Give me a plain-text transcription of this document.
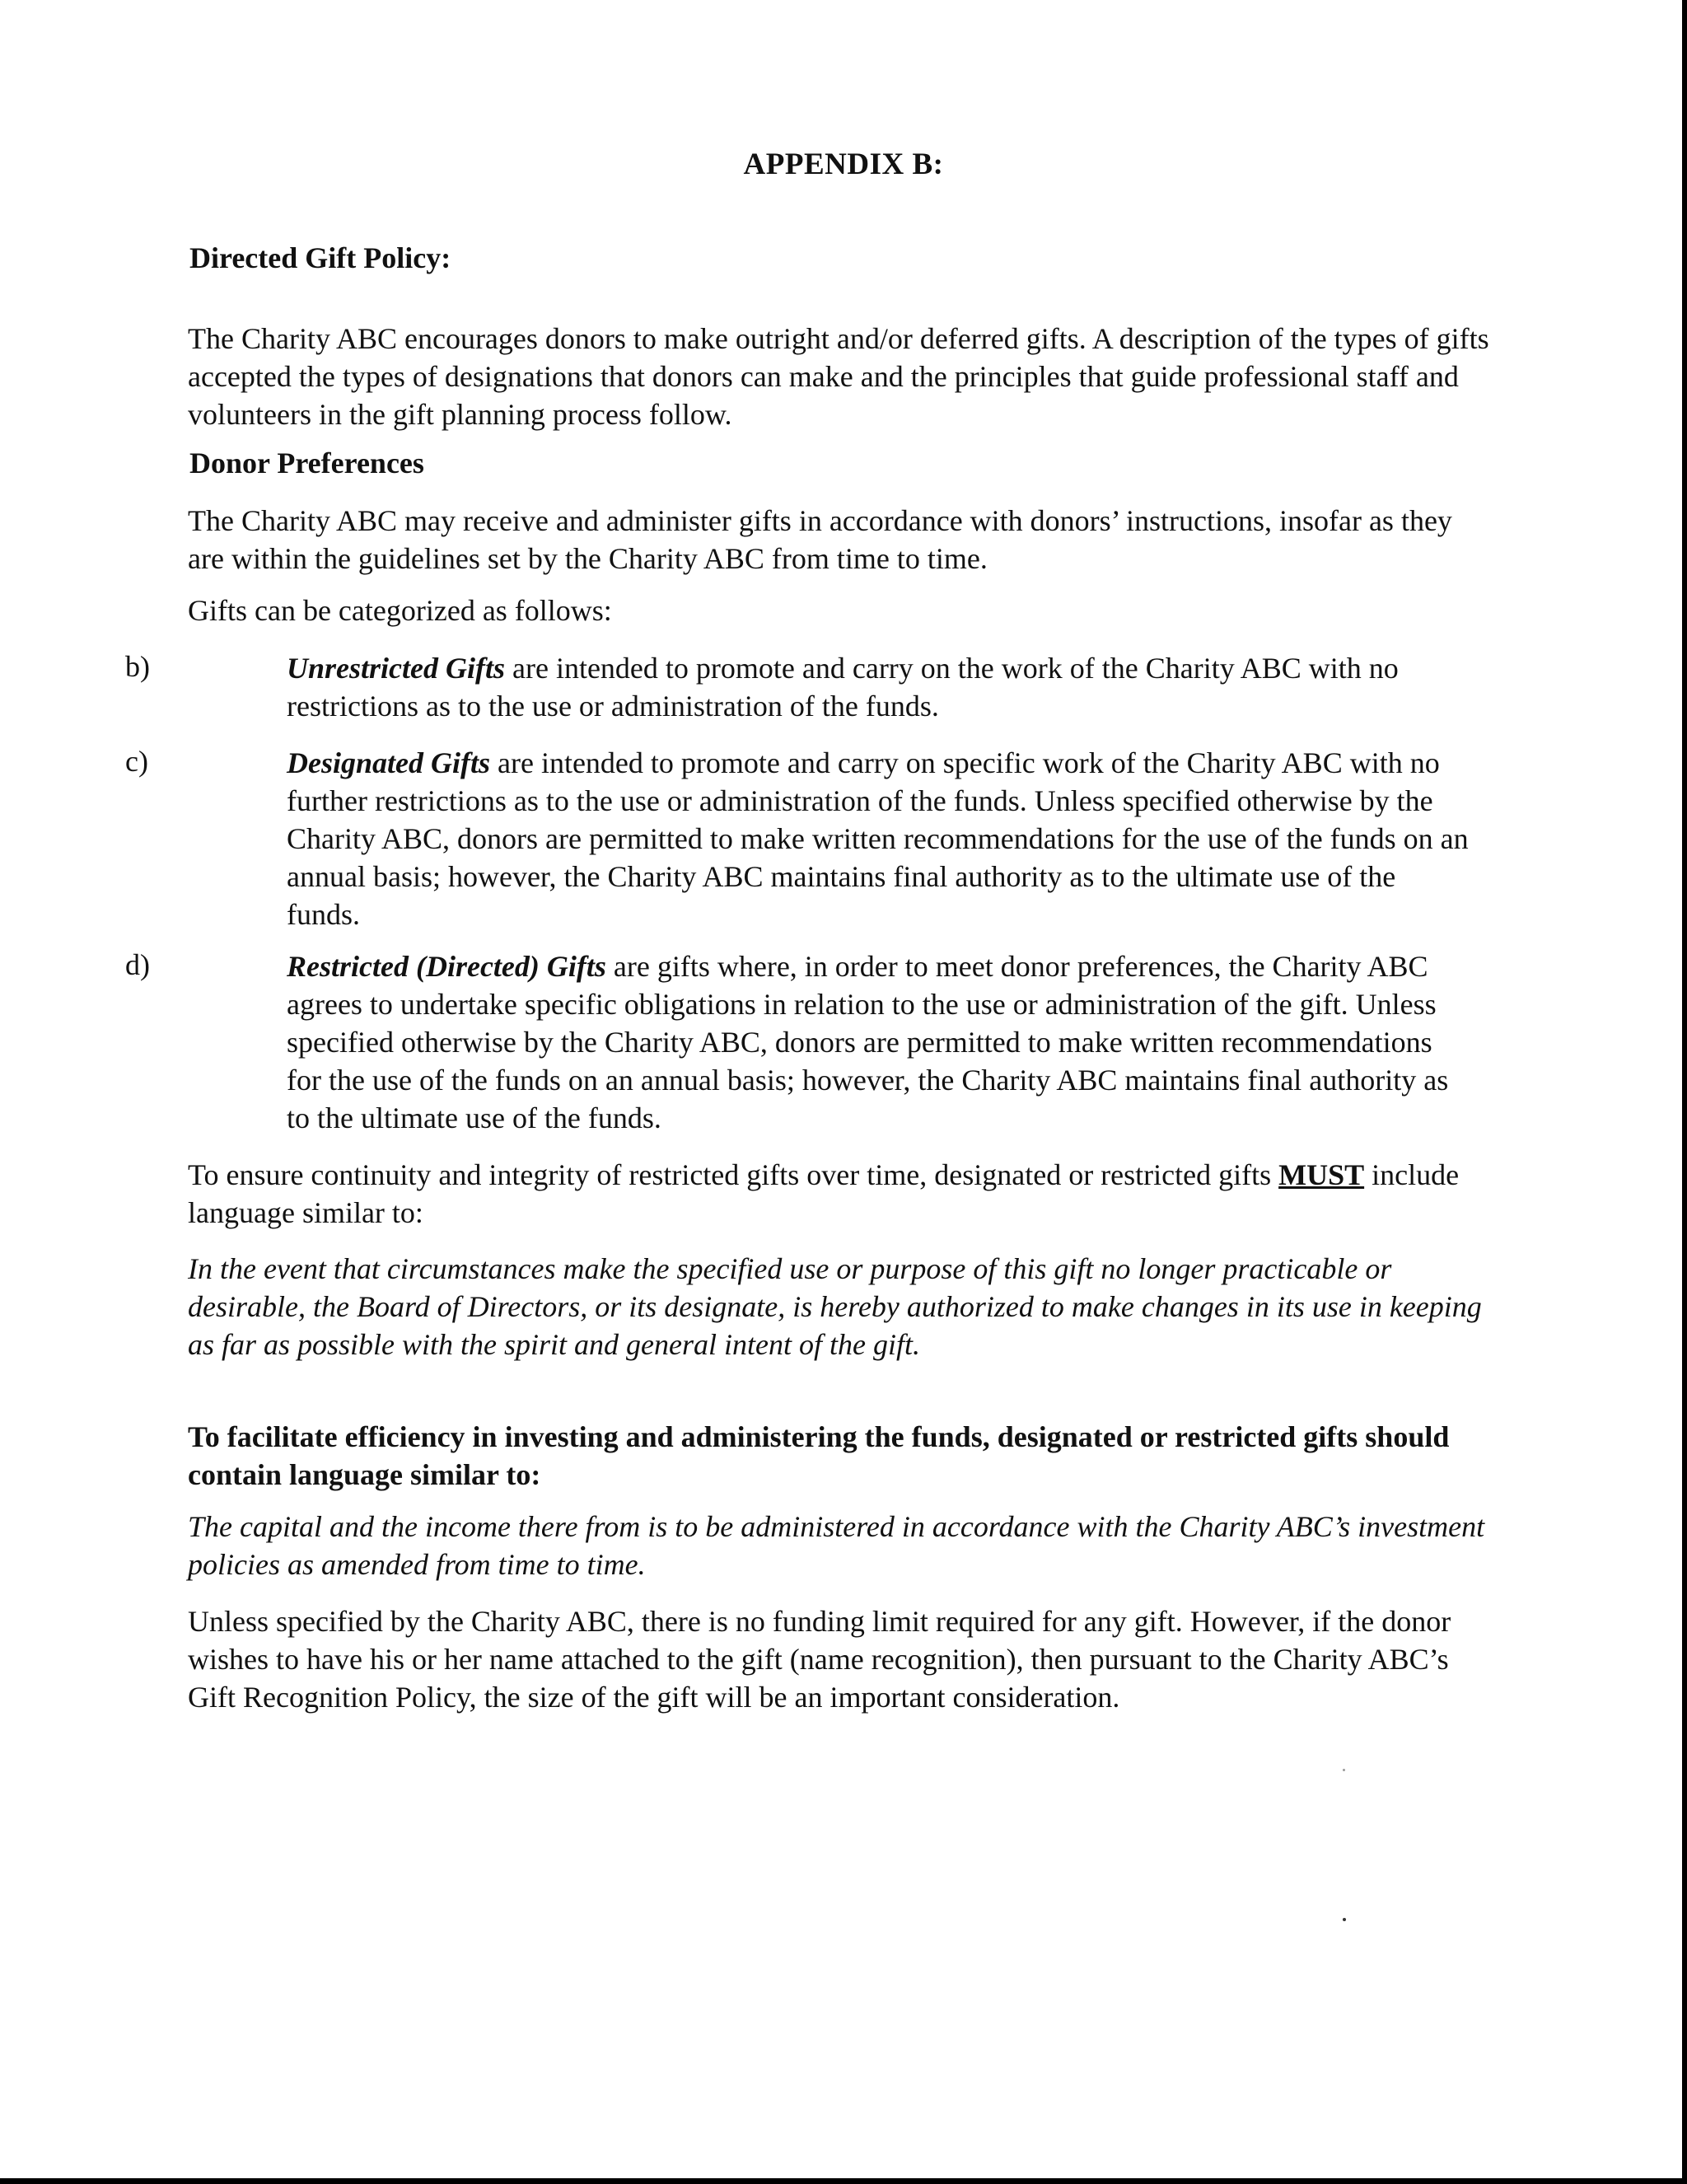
APPENDIX B:
Directed Gift Policy:
The Charity ABC encourages donors to make outright and/or deferred gifts. A description of the types of gifts accepted the types of designations that donors can make and the principles that guide professional staff and volunteers in the gift planning process follow.
Donor Preferences
The Charity ABC may receive and administer gifts in accordance with donors’ instructions, insofar as they are within the guidelines set by the Charity ABC from time to time.
Gifts can be categorized as follows:
b)	Unrestricted Gifts are intended to promote and carry on the work of the Charity ABC with no restrictions as to the use or administration of the funds.
c)	Designated Gifts are intended to promote and carry on specific work of the Charity ABC with no further restrictions as to the use or administration of the funds. Unless specified otherwise by the Charity ABC, donors are permitted to make written recommendations for the use of the funds on an annual basis; however, the Charity ABC maintains final authority as to the ultimate use of the funds.
d)	Restricted (Directed) Gifts are gifts where, in order to meet donor preferences, the Charity ABC agrees to undertake specific obligations in relation to the use or administration of the gift. Unless specified otherwise by the Charity ABC, donors are permitted to make written recommendations for the use of the funds on an annual basis; however, the Charity ABC maintains final authority as to the ultimate use of the funds.
To ensure continuity and integrity of restricted gifts over time, designated or restricted gifts MUST include language similar to:
In the event that circumstances make the specified use or purpose of this gift no longer practicable or desirable, the Board of Directors, or its designate, is hereby authorized to make changes in its use in keeping as far as possible with the spirit and general intent of the gift.
To facilitate efficiency in investing and administering the funds, designated or restricted gifts should contain language similar to:
The capital and the income there from is to be administered in accordance with the Charity ABC’s investment policies as amended from time to time.
Unless specified by the Charity ABC, there is no funding limit required for any gift. However, if the donor wishes to have his or her name attached to the gift (name recognition), then pursuant to the Charity ABC’s Gift Recognition Policy, the size of the gift will be an important consideration.
